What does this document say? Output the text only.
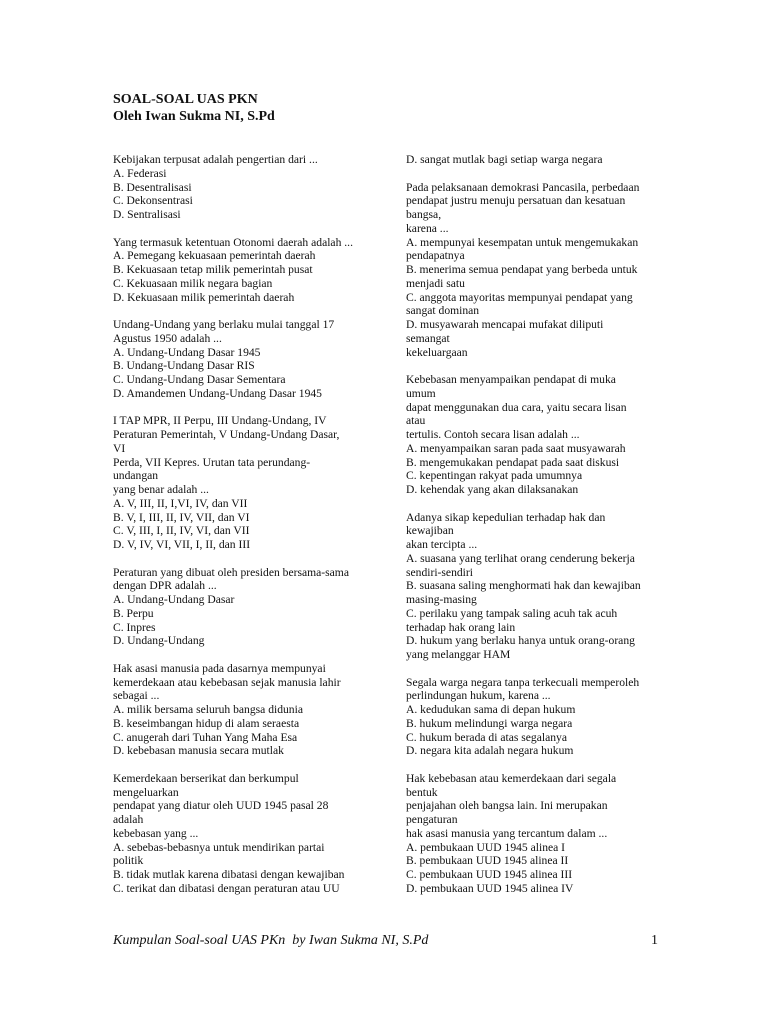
SOAL-SOAL UAS PKN
Oleh Iwan Sukma NI, S.Pd
Kebijakan terpusat adalah pengertian dari ...
A. Federasi
B. Desentralisasi
C. Dekonsentrasi
D. Sentralisasi
Yang termasuk ketentuan Otonomi daerah adalah ...
A. Pemegang kekuasaan pemerintah daerah
B. Kekuasaan tetap milik pemerintah pusat
C. Kekuasaan milik negara bagian
D. Kekuasaan milik pemerintah daerah
Undang-Undang yang berlaku mulai tanggal 17
Agustus 1950 adalah ...
A. Undang-Undang Dasar 1945
B. Undang-Undang Dasar RIS
C. Undang-Undang Dasar Sementara
D. Amandemen Undang-Undang Dasar 1945
I TAP MPR, II Perpu, III Undang-Undang, IV
Peraturan Pemerintah, V Undang-Undang Dasar,
VI
Perda, VII Kepres. Urutan tata perundang-
undangan
yang benar adalah ...
A. V, III, II, I,VI, IV, dan VII
B. V, I, III, II, IV, VII, dan VI
C. V, III, I, II, IV, VI, dan VII
D. V, IV, VI, VII, I, II, dan III
Peraturan yang dibuat oleh presiden bersama-sama
dengan DPR adalah ...
A. Undang-Undang Dasar
B. Perpu
C. Inpres
D. Undang-Undang
Hak asasi manusia pada dasarnya mempunyai
kemerdekaan atau kebebasan sejak manusia lahir
sebagai ...
A. milik bersama seluruh bangsa didunia
B. keseimbangan hidup di alam seraesta
C. anugerah dari Tuhan Yang Maha Esa
D. kebebasan manusia secara mutlak
Kemerdekaan berserikat dan berkumpul
mengeluarkan
pendapat yang diatur oleh UUD 1945 pasal 28
adalah
kebebasan yang ...
A. sebebas-bebasnya untuk mendirikan partai
politik
B. tidak mutlak karena dibatasi dengan kewajiban
C. terikat dan dibatasi dengan peraturan atau UU
D. sangat mutlak bagi setiap warga negara
Pada pelaksanaan demokrasi Pancasila, perbedaan
pendapat justru menuju persatuan dan kesatuan
bangsa,
karena ...
A. mempunyai kesempatan untuk mengemukakan
pendapatnya
B. menerima semua pendapat yang berbeda untuk
menjadi satu
C. anggota mayoritas mempunyai pendapat yang
sangat dominan
D. musyawarah mencapai mufakat diliputi
semangat
kekeluargaan
Kebebasan menyampaikan pendapat di muka
umum
dapat menggunakan dua cara, yaitu secara lisan
atau
tertulis. Contoh secara lisan adalah ...
A. menyampaikan saran pada saat musyawarah
B. mengemukakan pendapat pada saat diskusi
C. kepentingan rakyat pada umumnya
D. kehendak yang akan dilaksanakan
Adanya sikap kepedulian terhadap hak dan
kewajiban
akan tercipta ...
A. suasana yang terlihat orang cenderung bekerja
sendiri-sendiri
B. suasana saling menghormati hak dan kewajiban
masing-masing
C. perilaku yang tampak saling acuh tak acuh
terhadap hak orang lain
D. hukum yang berlaku hanya untuk orang-orang
yang melanggar HAM
Segala warga negara tanpa terkecuali memperoleh
perlindungan hukum, karena ...
A. kedudukan sama di depan hukum
B. hukum melindungi warga negara
C. hukum berada di atas segalanya
D. negara kita adalah negara hukum
Hak kebebasan atau kemerdekaan dari segala
bentuk
penjajahan oleh bangsa lain. Ini merupakan
pengaturan
hak asasi manusia yang tercantum dalam ...
A. pembukaan UUD 1945 alinea I
B. pembukaan UUD 1945 alinea II
C. pembukaan UUD 1945 alinea III
D. pembukaan UUD 1945 alinea IV
Kumpulan Soal-soal UAS PKn  by Iwan Sukma NI, S.Pd	1
